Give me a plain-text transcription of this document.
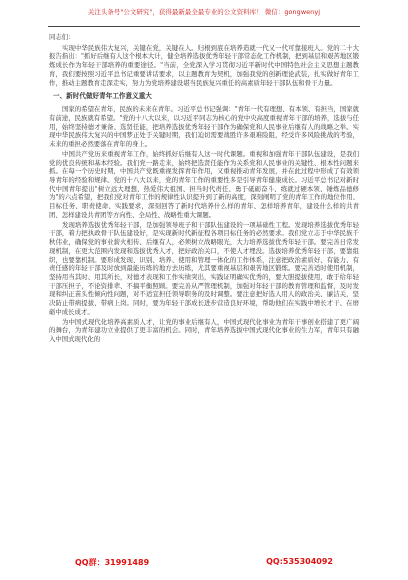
关注头条号"公文研究"，获得最新最全最专业的公文资料库！ 微信：gongwenyj

同志们：

实现中华民族伟大复兴，关键在党，关键在人。归根到底在培养造就一代又一代可靠接班人。党的二十大报告指出："抓好后继有人这个根本大计，健全培养选拔优秀年轻干部常态化工作机制，把到基层和艰苦地区锻炼成长作为年轻干部培养的重要途径。"当前，全党深入学习贯彻习近平新时代中国特色社会主义思想主题教育，我们要按照习近平总书记重要讲话要求，以主题教育为契机，加强我党的创新理论武装，扎实做好青年工作，推动主题教育走深走实，努力为党培养建设堪当民族复兴重任的高素质年轻干部队伍和骨干力量。

一、新时代做好青年工作意义重大

国家的希望在青年，民族的未来在青年。习近平总书记强调："青年一代有理想、有本领、有担当，国家就有前途，民族就有希望。"党的十八大以来，以习近平同志为核心的党中央高度重视青年干部的培养，选拔与任用，始终坚持德才兼备、选贤任能，把培养选拔优秀年轻干部作为确保党和人民事业后继有人的战略之举。实现中华民族伟大复兴的中国梦正处于关键时期，我们迫切需要战胜许多艰难险阻，经受许多风险挑战的考验，未来的重担必然要落在青年的身上。

中国共产党历来重视青年工作，始终抓好后继有人这一时代课题。重视和加强青年干部队伍建设，是我们党的优良传统和基本经验。我们党一路走来，始终把选贤任能作为关系党和人民事业的关键性、根本性问题来抓。在每一个历史时期，中国共产党既重视发挥青年作用，又重视推动青年发展，并在此过程中形成了有效领导青年的经验和规律。党的十八大以来，党的青年工作的重要性多是引导青年健康成长。习近平总书记对新时代中国青年提出"树立远大理想、热爱伟大祖国、担当时代责任、勇于砥砺奋斗、练就过硬本领、锤炼品德修为"的六点希望，把我们党对青年工作的规律性认识提升到了新的高度，深刻阐明了党的青年工作的地位作用、目标任务、职责使命、实践要求，深刻回答了新时代培养什么样的青年、怎样培养青年，建设什么样的共青团、怎样建设共青团等方向性、全局性、战略性重大课题。

发现培养选拔优秀年轻干部，是加强领导班子和干部队伍建设的一项基础性工程。发现培养选拔优秀年轻干部，着力把执政骨干队伍建设好，是实现新时代新征程各项目标任务的必然要求。我们党立志于中华民族千秋伟业，确保党的事业薪火相传、后继有人，必须树立战略眼光，大力培养选拔优秀年轻干部。要完善日常发现机制，在更大范围内发现和选拔优秀人才，把好政治关口，不使人才埋没。选拔培养优秀年轻干部，要靠组织，也要靠机制。要形成发现、识别、培养、使用和管理一体化的工作体系，注意把政治素质好、有能力、有责任感的年轻干部及时放到最能历练的地方去历练，尤其要重视基层和艰苦地区锻炼。要完善适时使用机制，坚持用当其时、用其所长，对德才表现和工作实绩突出，实践证明确实优秀的，要大胆提拔使用，敢于给年轻干部压担子，不论资排辈、不搞平衡照顾。要完善从严管理机制，加强对年轻干部的教育管理和监督，及时发现和纠正苗头性倾向性问题，对不适宜担任领导职务的及时调整。要注意把好选人用人的政治关、廉洁关，坚决防止带病提拔、带病上岗。同时，要为年轻干部成长进步营造良好环境，帮助他们在实践中增长才干、在磨砺中成长成才。

为中国式现代化培养高素质人才，让党的事业后继有人，中国式现代化事业为青年干事创业搭建了更广阔的舞台，为青年建功立业提供了更丰富的机会。同时，青年培养选拔中国式现代化事业的生力军，青年只有融入中国式现代化的

QQ群：31991489	QQ:535304092
